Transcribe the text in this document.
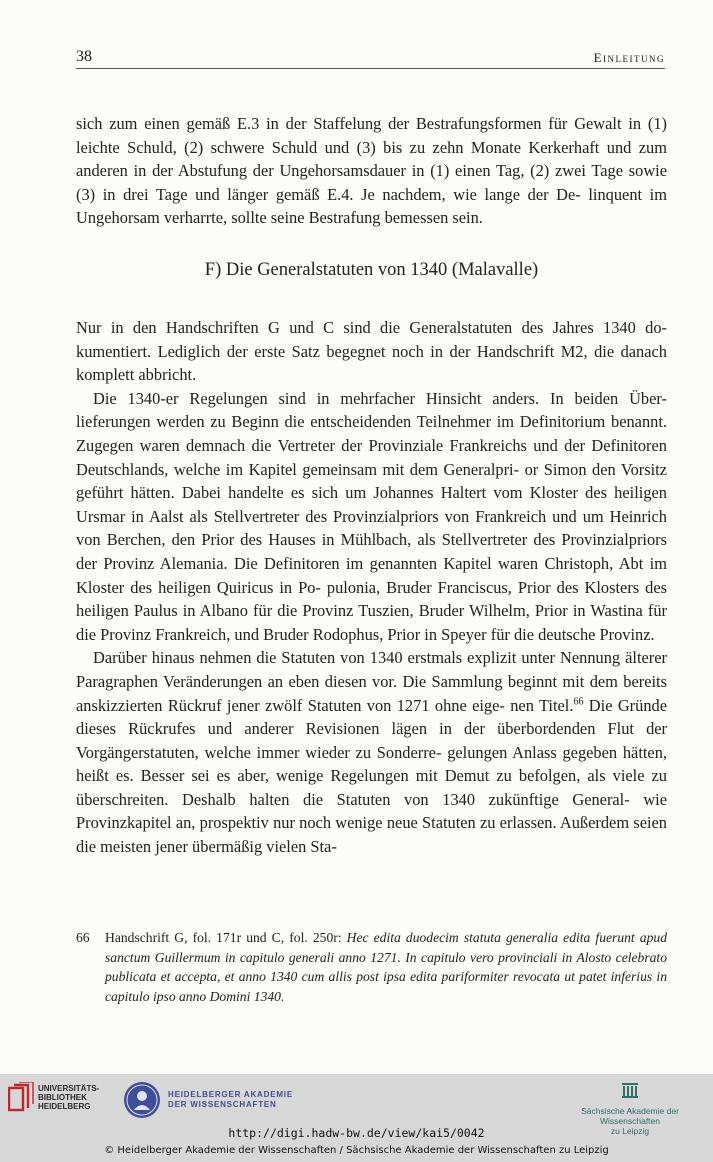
38	Einleitung

sich zum einen gemäß E.3 in der Staffelung der Bestrafungsformen für Gewalt in (1) leichte Schuld, (2) schwere Schuld und (3) bis zu zehn Monate Kerkerhaft und zum anderen in der Abstufung der Ungehorsamsdauer in (1) einen Tag, (2) zwei Tage sowie (3) in drei Tage und länger gemäß E.4. Je nachdem, wie lange der De- linquent im Ungehorsam verharrte, sollte seine Bestrafung bemessen sein.

F) Die Generalstatuten von 1340 (Malavalle)

Nur in den Handschriften G und C sind die Generalstatuten des Jahres 1340 do- kumentiert. Lediglich der erste Satz begegnet noch in der Handschrift M2, die danach komplett abbricht.

Die 1340-er Regelungen sind in mehrfacher Hinsicht anders. In beiden Über- lieferungen werden zu Beginn die entscheidenden Teilnehmer im Definitorium benannt. Zugegen waren demnach die Vertreter der Provinziale Frankreichs und der Definitoren Deutschlands, welche im Kapitel gemeinsam mit dem Generalpri- or Simon den Vorsitz geführt hätten. Dabei handelte es sich um Johannes Haltert vom Kloster des heiligen Ursmar in Aalst als Stellvertreter des Provinzialpriors von Frankreich und um Heinrich von Berchen, den Prior des Hauses in Mühlbach, als Stellvertreter des Provinzialpriors der Provinz Alemania. Die Definitoren im genannten Kapitel waren Christoph, Abt im Kloster des heiligen Quiricus in Po- pulonia, Bruder Franciscus, Prior des Klosters des heiligen Paulus in Albano für die Provinz Tuszien, Bruder Wilhelm, Prior in Wastina für die Provinz Frankreich, und Bruder Rodophus, Prior in Speyer für die deutsche Provinz.

Darüber hinaus nehmen die Statuten von 1340 erstmals explizit unter Nennung älterer Paragraphen Veränderungen an eben diesen vor. Die Sammlung beginnt mit dem bereits anskizzierten Rückruf jener zwölf Statuten von 1271 ohne eige- nen Titel.$^{66}$ Die Gründe dieses Rückrufes und anderer Revisionen lägen in der überbordenden Flut der Vorgängerstatuten, welche immer wieder zu Sonderre- gelungen Anlass gegeben hätten, heißt es. Besser sei es aber, wenige Regelungen mit Demut zu befolgen, als viele zu überschreiten. Deshalb halten die Statuten von 1340 zukünftige General- wie Provinzkapitel an, prospektiv nur noch wenige neue Statuten zu erlassen. Außerdem seien die meisten jener übermäßig vielen Sta-

66 Handschrift G, fol. 171r und C, fol. 250r: Hec edita duodecim statuta generalia edita fuerunt apud sanctum Guillermum in capitulo generali anno 1271. In capitulo vero provinciali in Alosto celebrato publicata et accepta, et anno 1340 cum allis post ipsa edita pariformiter revocata ut patet inferius in capitulo ipso anno Domini 1340.
UNIVERSITÄTS-
BIBLIOTHEK
HEIDELBERG
HEIDELBERGER AKADEMIE
DER WISSENSCHAFTEN
Sächsische Akademie der Wissenschaften
zu Leipzig
http://digi.hadw-bw.de/view/kai5/0042
© Heidelberger Akademie der Wissenschaften / Sächsische Akademie der Wissenschaften zu Leipzig
